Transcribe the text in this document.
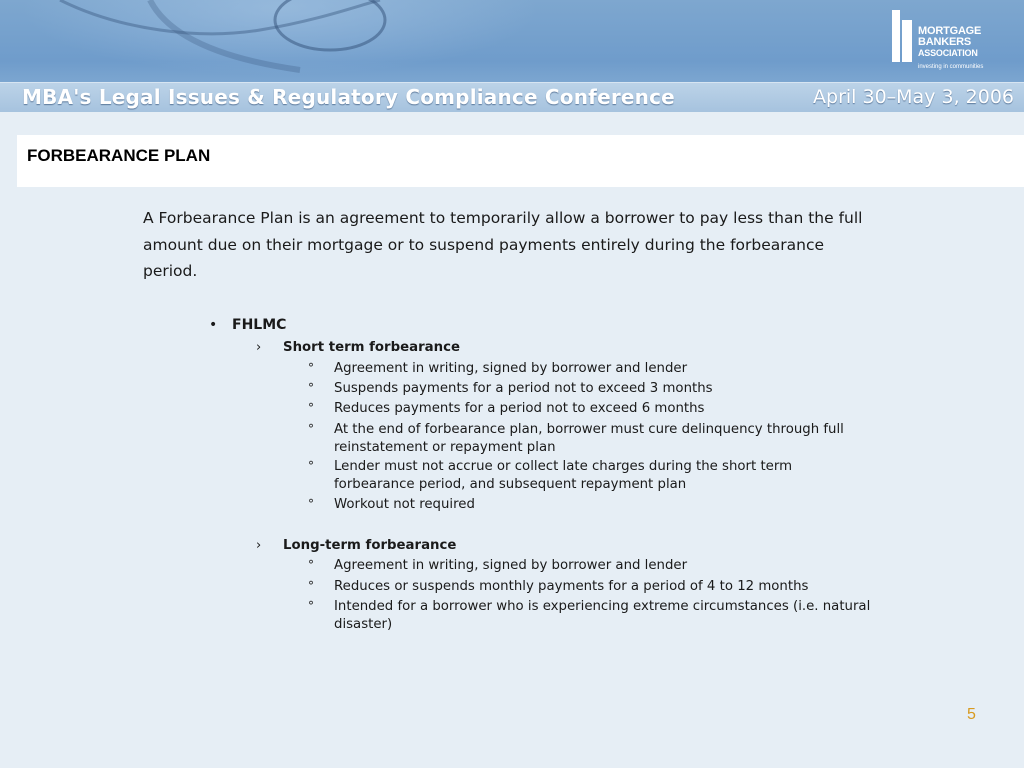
MORTGAGE
BANKERS
ASSOCIATION
investing in communities
MBA's Legal Issues & Regulatory Compliance Conference	April 30–May 3, 2006
FORBEARANCE PLAN
A Forbearance Plan is an agreement to temporarily allow a borrower to pay less than the full amount due on their mortgage or to suspend payments entirely during the forbearance period.
• FHLMC
› Short term forbearance
° Agreement in writing, signed by borrower and lender
° Suspends payments for a period not to exceed 3 months
° Reduces payments for a period not to exceed 6 months
° At the end of forbearance plan, borrower must cure delinquency through full reinstatement or repayment plan
° Lender must not accrue or collect late charges during the short term forbearance period, and subsequent repayment plan
° Workout not required
› Long-term forbearance
° Agreement in writing, signed by borrower and lender
° Reduces or suspends monthly payments for a period of 4 to 12 months
° Intended for a borrower who is experiencing extreme circumstances (i.e. natural disaster)
5
